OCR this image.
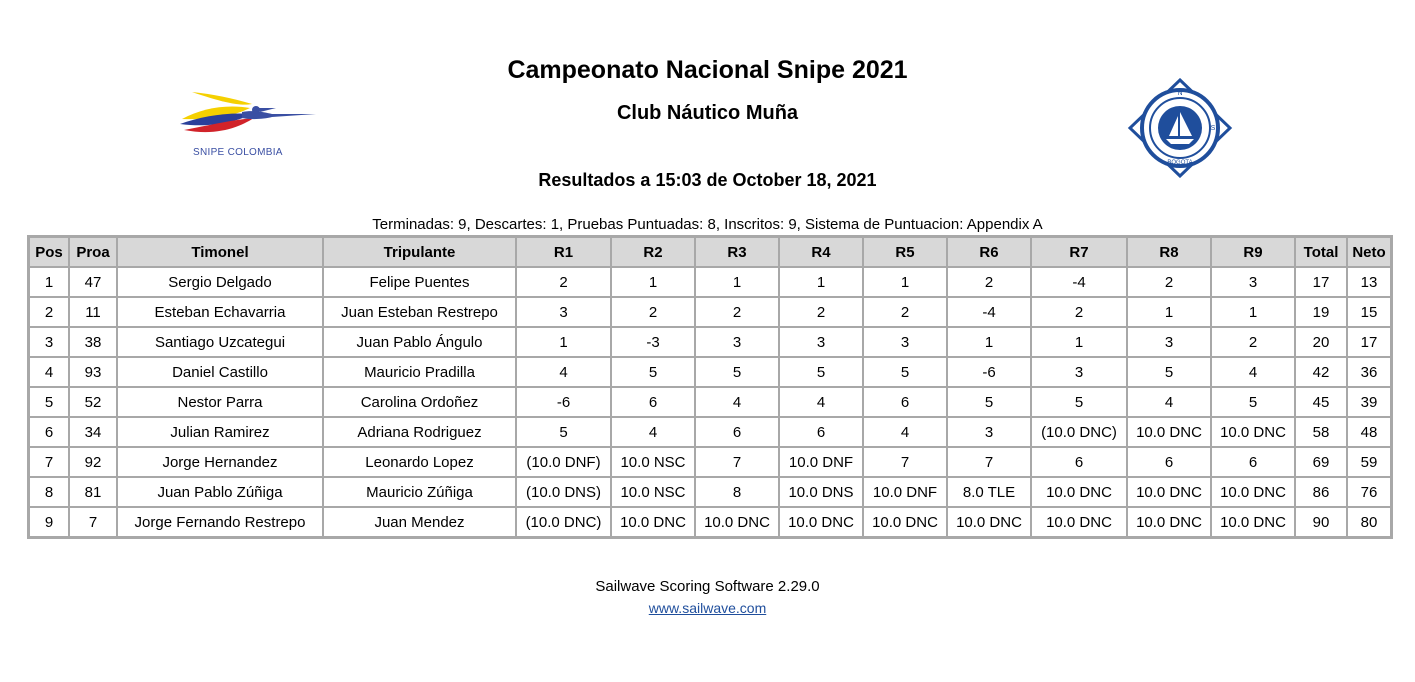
Campeonato Nacional Snipe 2021
Club Náutico Muña
Resultados a 15:03 de October 18, 2021
Terminadas: 9, Descartes: 1, Pruebas Puntuadas: 8, Inscritos: 9, Sistema de Puntuacion: Appendix A
SNIPE COLOMBIA
N
S
BOGOTA
Pos	Proa	Timonel	Tripulante	R1	R2	R3	R4	R5	R6	R7	R8	R9	Total	Neto
1	47	Sergio Delgado	Felipe Puentes	2	1	1	1	1	2	-4	2	3	17	13
2	11	Esteban Echavarria	Juan Esteban Restrepo	3	2	2	2	2	-4	2	1	1	19	15
3	38	Santiago Uzcategui	Juan Pablo Ángulo	1	-3	3	3	3	1	1	3	2	20	17
4	93	Daniel Castillo	Mauricio Pradilla	4	5	5	5	5	-6	3	5	4	42	36
5	52	Nestor Parra	Carolina Ordoñez	-6	6	4	4	6	5	5	4	5	45	39
6	34	Julian Ramirez	Adriana Rodriguez	5	4	6	6	4	3	(10.0 DNC)	10.0 DNC	10.0 DNC	58	48
7	92	Jorge Hernandez	Leonardo Lopez	(10.0 DNF)	10.0 NSC	7	10.0 DNF	7	7	6	6	6	69	59
8	81	Juan Pablo Zúñiga	Mauricio Zúñiga	(10.0 DNS)	10.0 NSC	8	10.0 DNS	10.0 DNF	8.0 TLE	10.0 DNC	10.0 DNC	10.0 DNC	86	76
9	7	Jorge Fernando Restrepo	Juan Mendez	(10.0 DNC)	10.0 DNC	10.0 DNC	10.0 DNC	10.0 DNC	10.0 DNC	10.0 DNC	10.0 DNC	10.0 DNC	90	80
Sailwave Scoring Software 2.29.0
www.sailwave.com
